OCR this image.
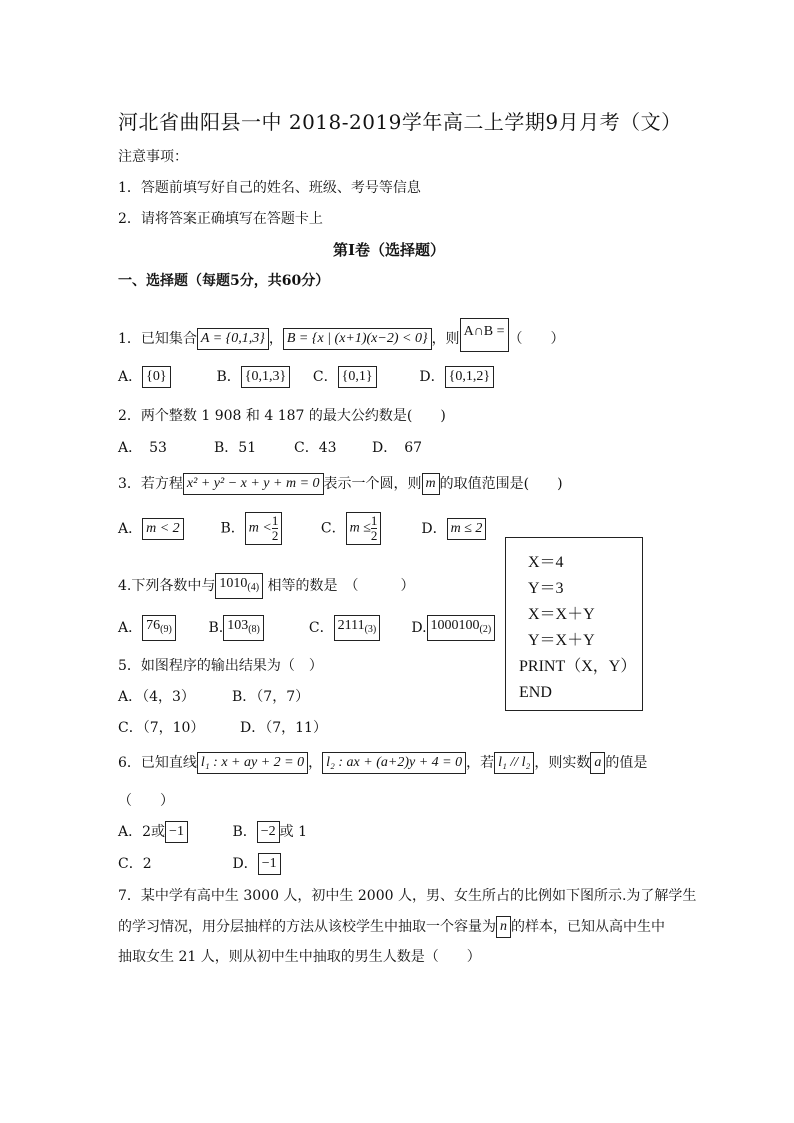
河北省曲阳县一中 2018-2019学年高二上学期9月月考（文）
注意事项：
1．答题前填写好自己的姓名、班级、考号等信息
2．请将答案正确填写在答题卡上
第I卷（选择题）
一、选择题（每题5分，共60分）
1．已知集合 A = {0,1,3} ， B = {x | (x+1)(x−2) < 0} ，则 A∩B = （　　）
A． {0}	B． {0,1,3} C． {0,1}	D． {0,1,2}
2．两个整数 1 908 和 4 187 的最大公约数是(　　)
A．　53	B．51	C．43	D．　67
3．若方程 x² + y² − x + y + m = 0 表示一个圆，则 m 的取值范围是(　　)
A． m < 2	B． $m < \frac{1}{2}$	C． $m \le \frac{1}{2}$	D． m ≤ 2
4.下列各数中与 $1010_{(4)}$ 相等的数是　（　　　）
A． $76_{(9)}$	B. $103_{(8)}$	C． $2111_{(3)}$	D. $1000100_{(2)}$
X＝4
Y＝3
X＝X＋Y
Y＝X＋Y
PRINT（X，Y）
END
5．如图程序的输出结果为（　）
A．（4，3）	B．（7，7）
C．（7，10）	D．（7，11）
6．已知直线 l₁ : x + ay + 2 = 0 ， l₂ : ax + (a+2)y + 4 = 0 ，若 l₁ // l₂ ，则实数 a 的值是
（　　）
A．2或 −1	B． −2 或 1
C．2	D． −1
7．某中学有高中生 3000 人，初中生 2000 人，男、女生所占的比例如下图所示.为了解学生
的学习情况，用分层抽样的方法从该校学生中抽取一个容量为 n 的样本，已知从高中生中
抽取女生 21 人，则从初中生中抽取的男生人数是（　　）
